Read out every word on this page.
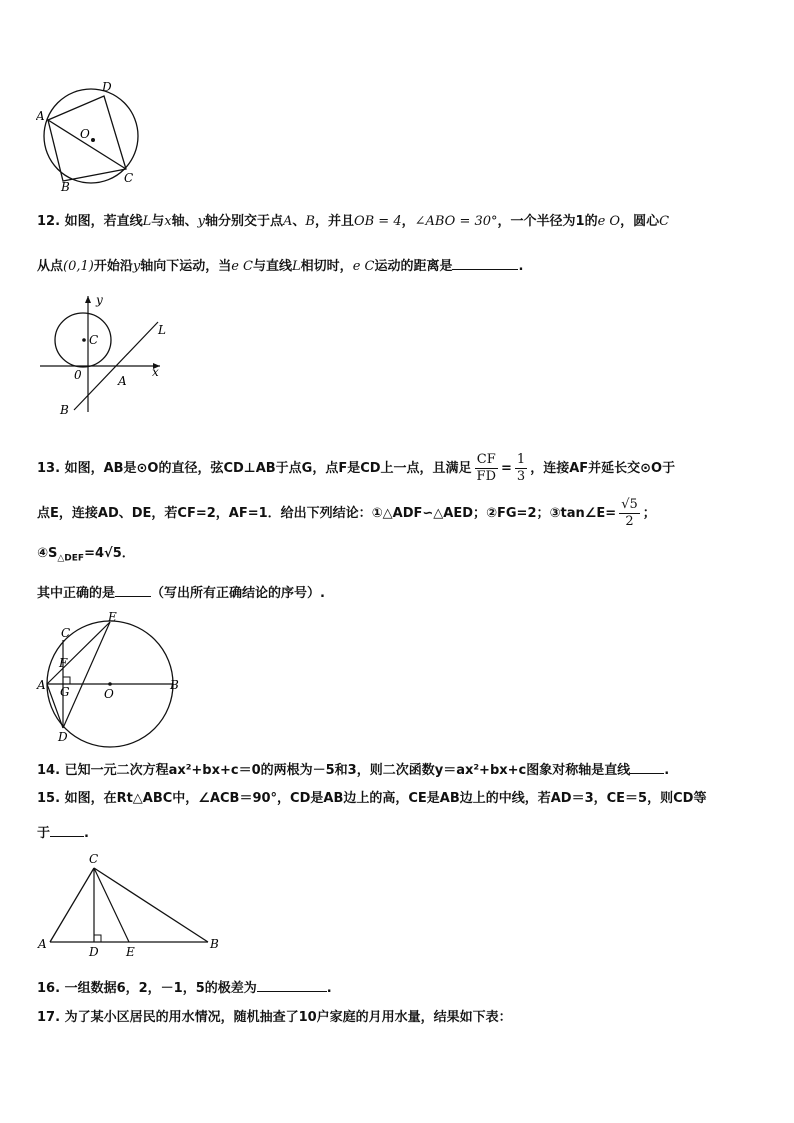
A
D
O
C
B
12. 如图，若直线L与x轴、y轴分别交于点A、B，并且OB = 4，∠ABO = 30°，一个半径为1的e O，圆心C
从点(0,1)开始沿y轴向下运动，当e C与直线L相切时，e C运动的距离是	.
y
L
C
x
0	A
B
13. 如图，AB是⊙O的直径，弦CD⊥AB于点G，点F是CD上一点，且满足 $\frac{CF}{FD} = \frac{1}{3}$ ，连接AF并延长交⊙O于
点E，连接AD、DE，若CF=2，AF=1．给出下列结论：①△ADF∽△AED；②FG=2；③tan∠E= $\frac{√5}{2}$ ；
$④S_{\triangle DEF}=4√5$．
其中正确的是	（写出所有正确结论的序号）.
C
E
F
A G	O
B
D
14. 已知一元二次方程ax²+bx+c＝0的两根为－5和3，则二次函数y＝ax²+bx+c图象对称轴是直线	.
15. 如图，在Rt△ABC中，∠ACB＝90°，CD是AB边上的高，CE是AB边上的中线，若AD＝3，CE＝5，则CD等
于	.
C
A
D E
B
16. 一组数据6，2，－1，5的极差为	.
17. 为了某小区居民的用水情况，随机抽查了10户家庭的月用水量，结果如下表：
